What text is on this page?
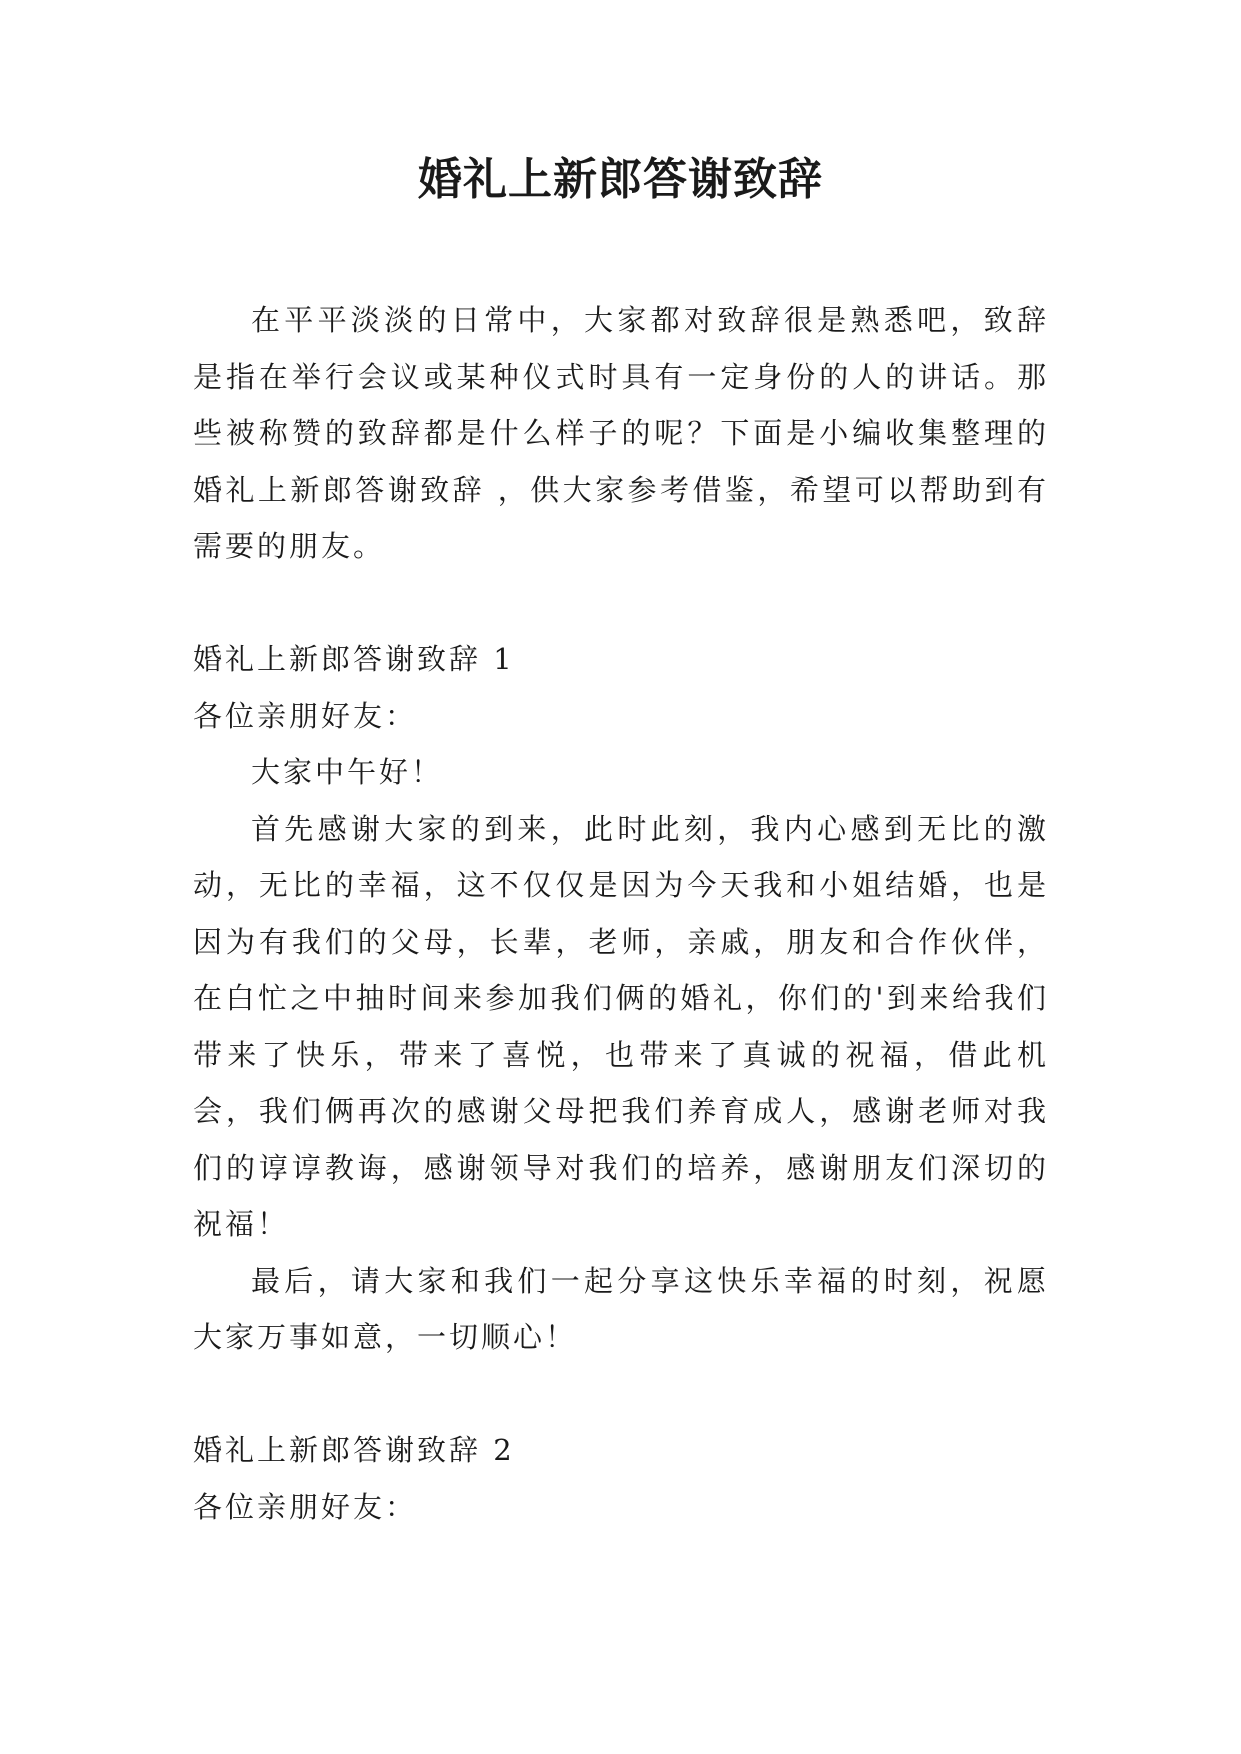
婚礼上新郎答谢致辞

在平平淡淡的日常中，大家都对致辞很是熟悉吧，致辞是指在举行会议或某种仪式时具有一定身份的人的讲话。那些被称赞的致辞都是什么样子的呢？下面是小编收集整理的婚礼上新郎答谢致辞 ，供大家参考借鉴，希望可以帮助到有需要的朋友。

婚礼上新郎答谢致辞 1

各位亲朋好友：

大家中午好！

首先感谢大家的到来，此时此刻，我内心感到无比的激动，无比的幸福，这不仅仅是因为今天我和小姐结婚，也是因为有我们的父母，长辈，老师，亲戚，朋友和合作伙伴，在白忙之中抽时间来参加我们俩的婚礼，你们的'到来给我们带来了快乐，带来了喜悦，也带来了真诚的祝福，借此机会，我们俩再次的感谢父母把我们养育成人，感谢老师对我们的谆谆教诲，感谢领导对我们的培养，感谢朋友们深切的祝福！

最后，请大家和我们一起分享这快乐幸福的时刻，祝愿大家万事如意，一切顺心！

婚礼上新郎答谢致辞 2

各位亲朋好友：
